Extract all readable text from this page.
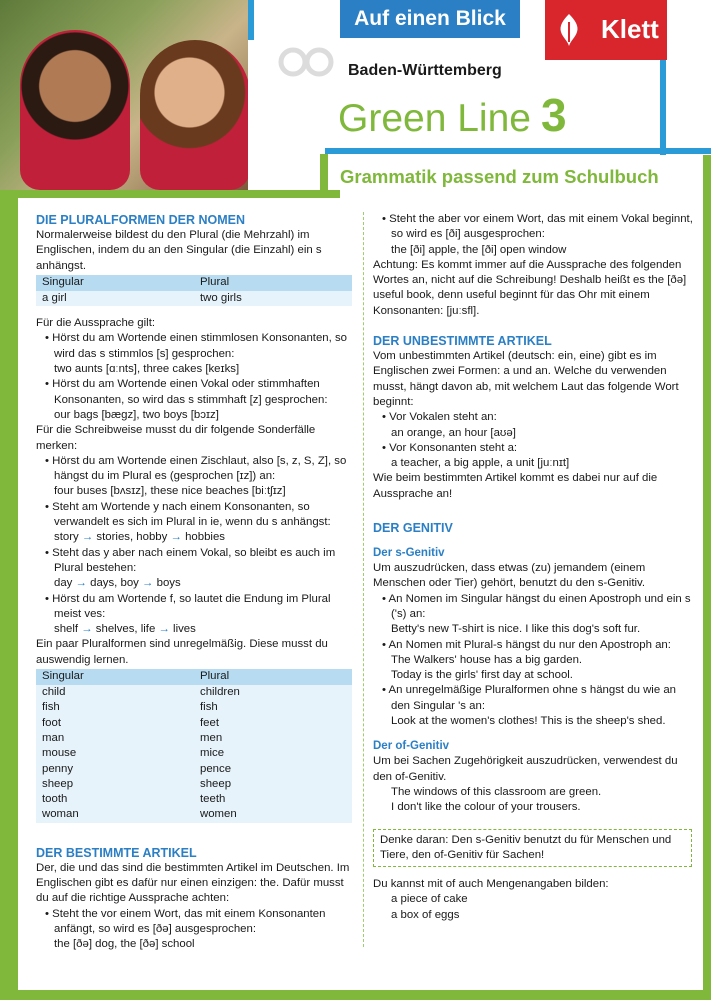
Auf einen Blick	Klett
Baden-Württemberg
Green Line 3
Grammatik passend zum Schulbuch
DIE PLURALFORMEN DER NOMEN

Normalerweise bildest du den Plural (die Mehrzahl) im Englischen, indem du an den Singular (die Einzahl) ein s anhängst.

Singular	Plural
a girl	two girls

Für die Aussprache gilt:

• Hörst du am Wortende einen stimmlosen Konsonanten, so wird das s stimmlos [s] gesprochen:

two aunts [ɑːnts], three cakes [keɪks]

• Hörst du am Wortende einen Vokal oder stimmhaften Konsonanten, so wird das s stimmhaft [z] gesprochen:

our bags [bæɡz], two boys [bɔɪz]

Für die Schreibweise musst du dir folgende Sonderfälle merken:

• Hörst du am Wortende einen Zischlaut, also [s, z, S, Z], so hängst du im Plural es (gesprochen [ɪz]) an:

four buses [bʌsɪz], these nice beaches [biːtʃɪz]

• Steht am Wortende y nach einem Konsonanten, so verwandelt es sich im Plural in ie, wenn du s anhängst:

story → stories, hobby → hobbies

• Steht das y aber nach einem Vokal, so bleibt es auch im Plural bestehen:

day → days, boy → boys

• Hörst du am Wortende f, so lautet die Endung im Plural meist ves:

shelf → shelves, life → lives

Ein paar Pluralformen sind unregelmäßig. Diese musst du auswendig lernen.

Singular	Plural
child	children
fish	fish
foot	feet
man	men
mouse	mice
penny	pence
sheep	sheep
tooth	teeth
woman	women
DER BESTIMMTE ARTIKEL

Der, die und das sind die bestimmten Artikel im Deutschen. Im Englischen gibt es dafür nur einen einzigen: the. Dafür musst du auf die richtige Aussprache achten:

• Steht the vor einem Wort, das mit einem Konsonanten anfängt, so wird es [ðə] ausgesprochen:

the [ðə] dog, the [ðə] school

• Steht the aber vor einem Wort, das mit einem Vokal beginnt, so wird es [ði] ausgesprochen:

the [ði] apple, the [ði] open window

Achtung: Es kommt immer auf die Aussprache des folgenden Wortes an, nicht auf die Schreibung! Deshalb heißt es the [ðə] useful book, denn useful beginnt für das Ohr mit einem Konsonanten: [juːsfl].

DER UNBESTIMMTE ARTIKEL

Vom unbestimmten Artikel (deutsch: ein, eine) gibt es im Englischen zwei Formen: a und an. Welche du verwenden musst, hängt davon ab, mit welchem Laut das folgende Wort beginnt:

• Vor Vokalen steht an:

an orange, an hour [aʊə]

• Vor Konsonanten steht a:

a teacher, a big apple, a unit [juːnɪt]

Wie beim bestimmten Artikel kommt es dabei nur auf die Aussprache an!

DER GENITIV
Der s-Genitiv

Um auszudrücken, dass etwas (zu) jemandem (einem Menschen oder Tier) gehört, benutzt du den s-Genitiv.

• An Nomen im Singular hängst du einen Apostroph und ein s ('s) an:

Betty's new T-shirt is nice. I like this dog's soft fur.

• An Nomen mit Plural-s hängst du nur den Apostroph an:

The Walkers' house has a big garden.

Today is the girls' first day at school.

• An unregelmäßige Pluralformen ohne s hängst du wie an den Singular 's an:

Look at the women's clothes! This is the sheep's shed.

Der of-Genitiv

Um bei Sachen Zugehörigkeit auszudrücken, verwendest du den of-Genitiv.

The windows of this classroom are green.

I don't like the colour of your trousers.

Denke daran: Den s-Genitiv benutzt du für Menschen und Tiere, den of-Genitiv für Sachen!

Du kannst mit of auch Mengenangaben bilden:

a piece of cake

a box of eggs
